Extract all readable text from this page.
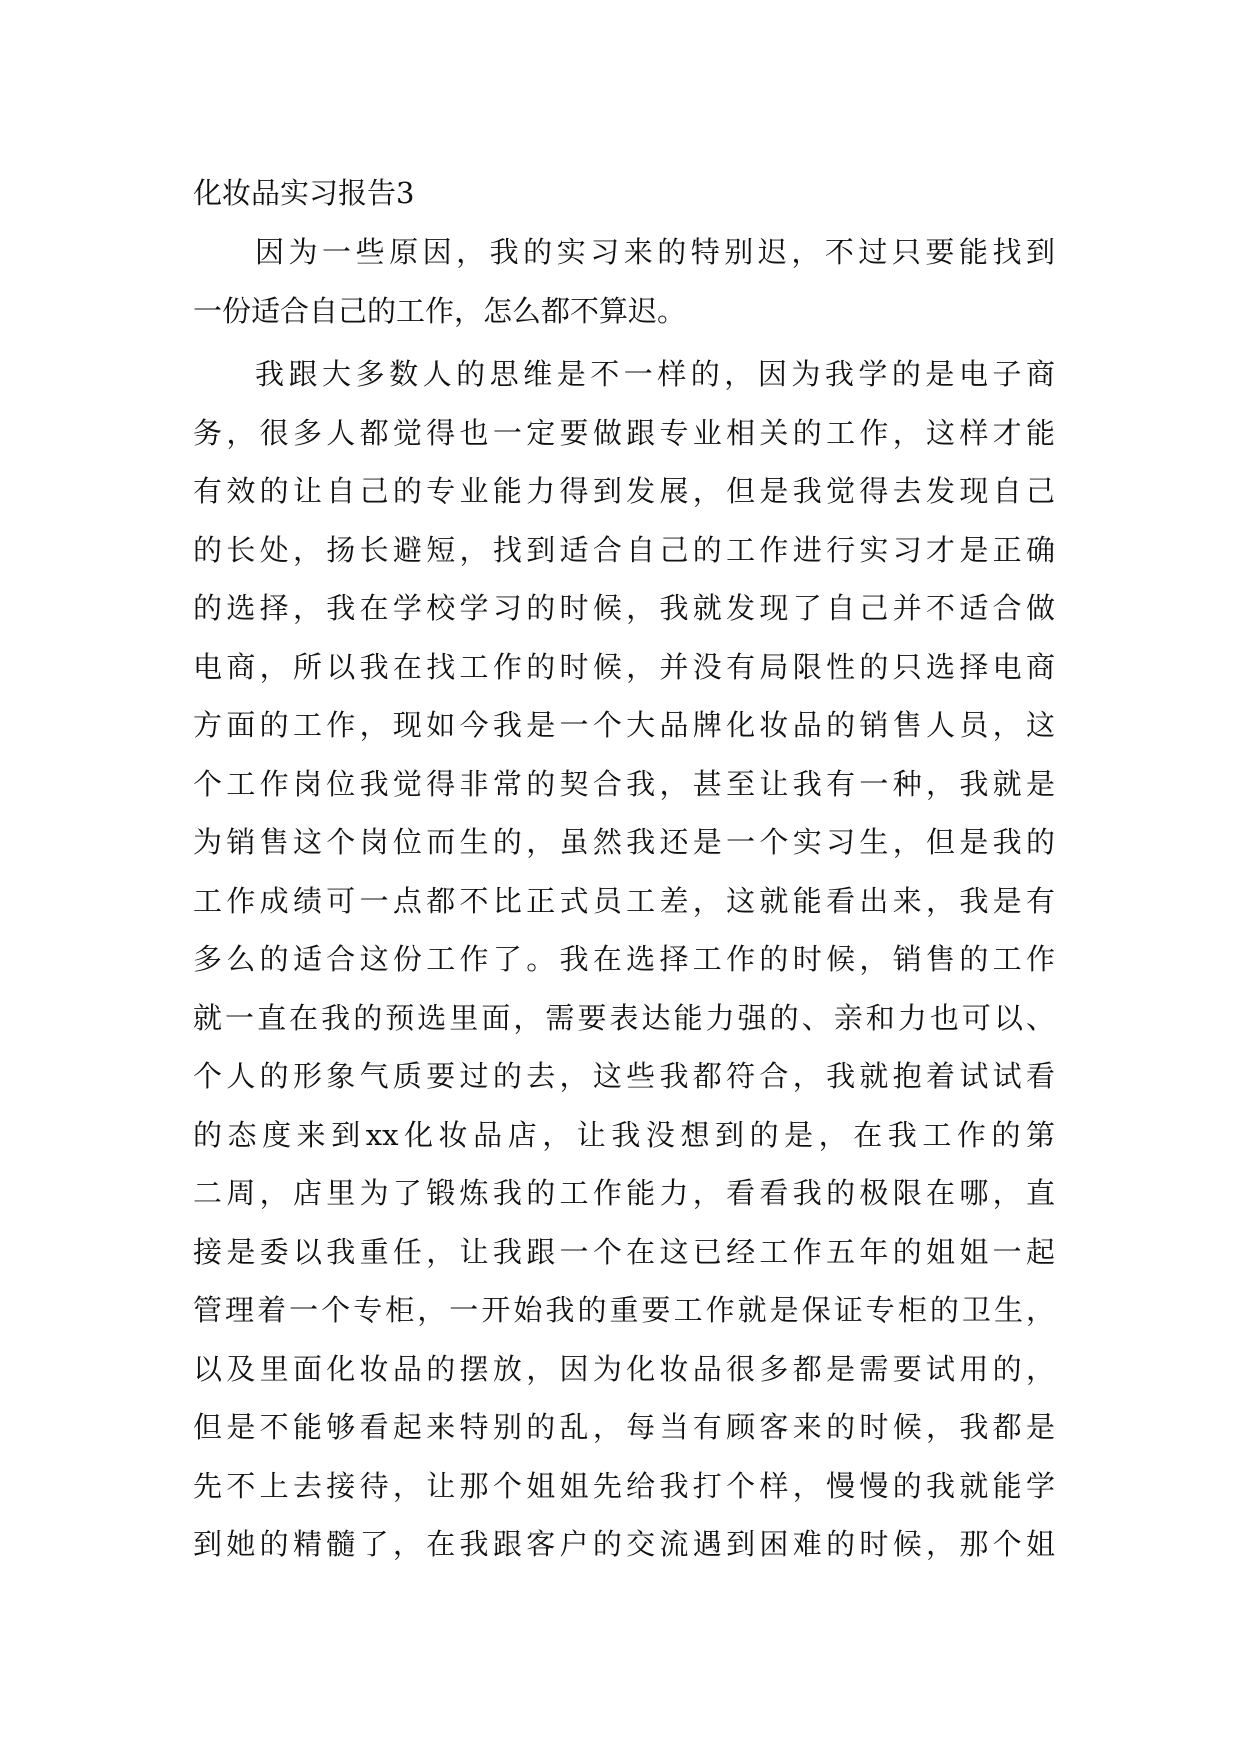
化妆品实习报告3
因为一些原因，我的实习来的特别迟，不过只要能找到
一份适合自己的工作，怎么都不算迟。
我跟大多数人的思维是不一样的，因为我学的是电子商
务，很多人都觉得也一定要做跟专业相关的工作，这样才能
有效的让自己的专业能力得到发展，但是我觉得去发现自己
的长处，扬长避短，找到适合自己的工作进行实习才是正确
的选择，我在学校学习的时候，我就发现了自己并不适合做
电商，所以我在找工作的时候，并没有局限性的只选择电商
方面的工作，现如今我是一个大品牌化妆品的销售人员，这
个工作岗位我觉得非常的契合我，甚至让我有一种，我就是
为销售这个岗位而生的，虽然我还是一个实习生，但是我的
工作成绩可一点都不比正式员工差，这就能看出来，我是有
多么的适合这份工作了。我在选择工作的时候，销售的工作
就一直在我的预选里面，需要表达能力强的、亲和力也可以、
个人的形象气质要过的去，这些我都符合，我就抱着试试看
的态度来到xx化妆品店，让我没想到的是，在我工作的第
二周，店里为了锻炼我的工作能力，看看我的极限在哪，直
接是委以我重任，让我跟一个在这已经工作五年的姐姐一起
管理着一个专柜，一开始我的重要工作就是保证专柜的卫生，
以及里面化妆品的摆放，因为化妆品很多都是需要试用的，
但是不能够看起来特别的乱，每当有顾客来的时候，我都是
先不上去接待，让那个姐姐先给我打个样，慢慢的我就能学
到她的精髓了，在我跟客户的交流遇到困难的时候，那个姐
